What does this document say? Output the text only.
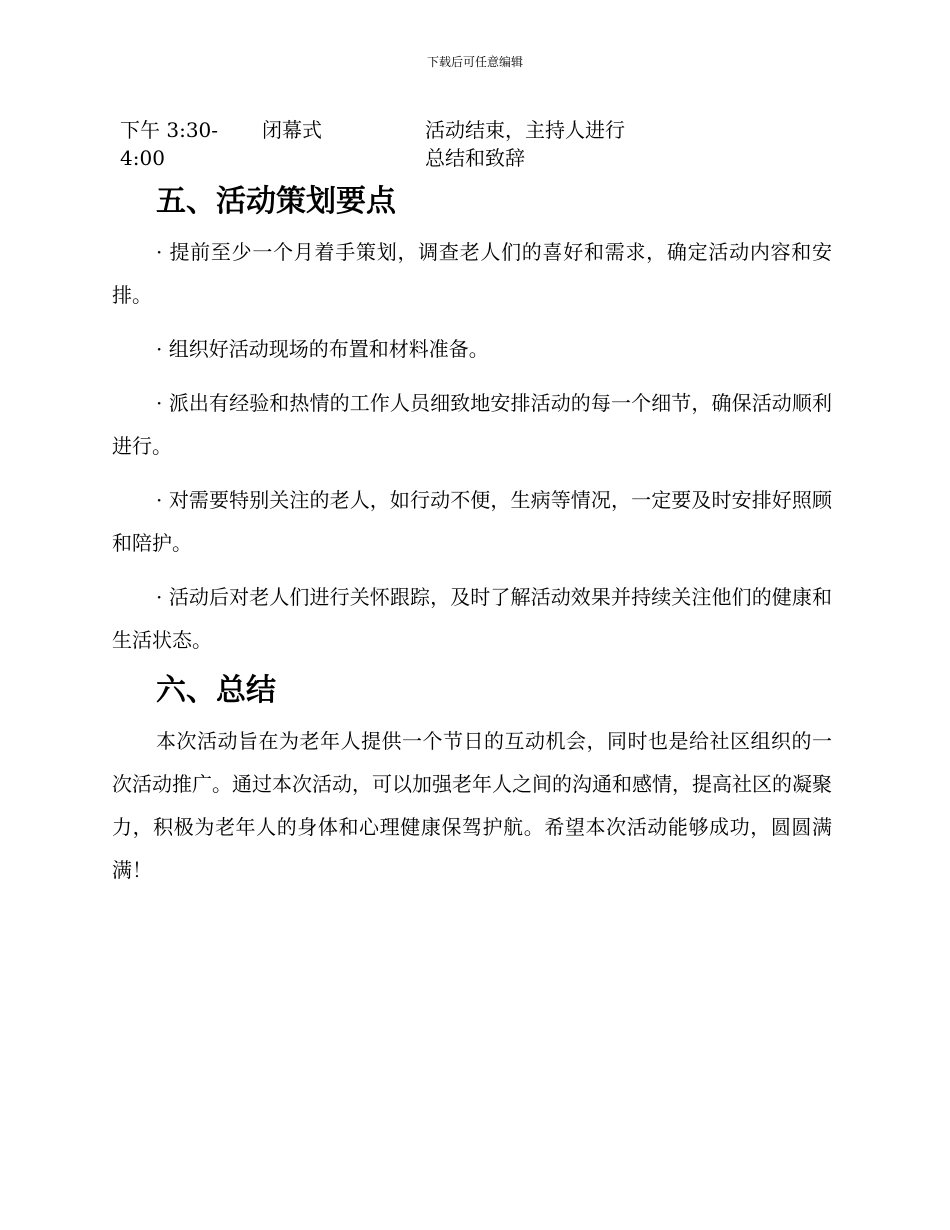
下载后可任意编辑
下午 3:30-
4:00
闭幕式	活动结束，主持人进行
总结和致辞
五、活动策划要点

· 提前至少一个月着手策划，调查老人们的喜好和需求，确定活动内容和安排。

· 组织好活动现场的布置和材料准备。

· 派出有经验和热情的工作人员细致地安排活动的每一个细节，确保活动顺利进行。

· 对需要特别关注的老人，如行动不便，生病等情况，一定要及时安排好照顾和陪护。

· 活动后对老人们进行关怀跟踪，及时了解活动效果并持续关注他们的健康和生活状态。

六、总结

本次活动旨在为老年人提供一个节日的互动机会，同时也是给社区组织的一次活动推广。通过本次活动，可以加强老年人之间的沟通和感情，提高社区的凝聚力，积极为老年人的身体和心理健康保驾护航。希望本次活动能够成功，圆圆满满！
